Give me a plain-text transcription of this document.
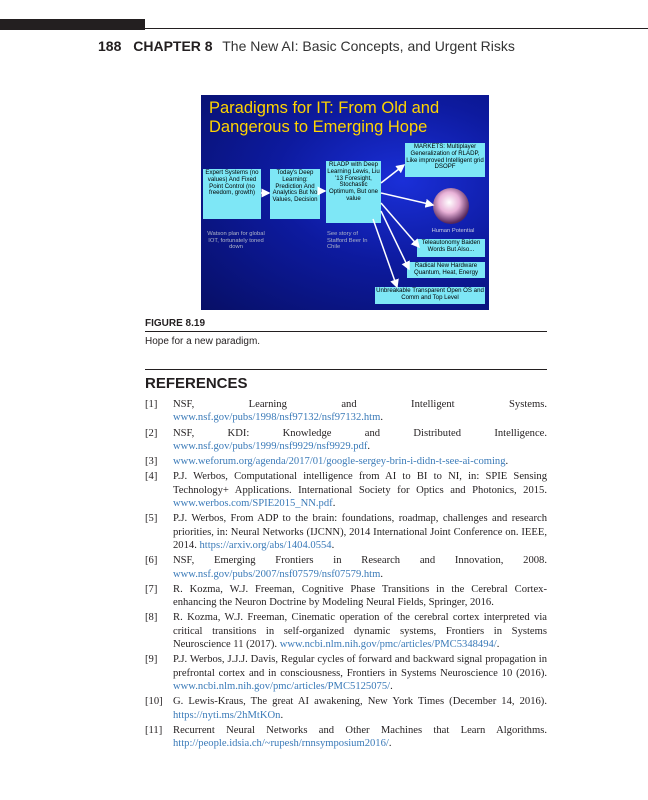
188 CHAPTER 8 The New AI: Basic Concepts, and Urgent Risks
Paradigms for IT: From Old and Dangerous to Emerging Hope
Expert Systems (no values) And Fixed Point Control (no freedom, growth)
Today's Deep Learning: Prediction And Analytics But No Values, Decision
RLADP with Deep Learning Lewis, Liu '13 Foresight, Stochastic Optimum, But one value
MARKETS: Multiplayer Generalization of RLADP, Like improved Intelligent grid DSOPF
Watson plan for global IOT, fortunately toned down
See story of Stafford Beer In Chile
Human Potential
Teleautonomy Baiden Words But Also...
Radical New Hardware Quantum, Heat, Energy
Unbreakable Transparent Open OS and Comm and Top Level
FIGURE 8.19
Hope for a new paradigm.
REFERENCES
[1] NSF, Learning and Intelligent Systems. www.nsf.gov/pubs/1998/nsf97132/nsf97132.htm.
[2] NSF, KDI: Knowledge and Distributed Intelligence. www.nsf.gov/pubs/1999/nsf9929/nsf9929.pdf.
[3] www.weforum.org/agenda/2017/01/google-sergey-brin-i-didn-t-see-ai-coming.
[4] P.J. Werbos, Computational intelligence from AI to BI to NI, in: SPIE Sensing Technology+ Applications. International Society for Optics and Photonics, 2015. www.werbos.com/SPIE2015_NN.pdf.
[5] P.J. Werbos, From ADP to the brain: foundations, roadmap, challenges and research priorities, in: Neural Networks (IJCNN), 2014 International Joint Conference on. IEEE, 2014. https://arxiv.org/abs/1404.0554.
[6] NSF, Emerging Frontiers in Research and Innovation, 2008. www.nsf.gov/pubs/2007/nsf07579/nsf07579.htm.
[7] R. Kozma, W.J. Freeman, Cognitive Phase Transitions in the Cerebral Cortex-enhancing the Neuron Doctrine by Modeling Neural Fields, Springer, 2016.
[8] R. Kozma, W.J. Freeman, Cinematic operation of the cerebral cortex interpreted via critical transitions in self-organized dynamic systems, Frontiers in Systems Neuroscience 11 (2017). www.ncbi.nlm.nih.gov/pmc/articles/PMC5348494/.
[9] P.J. Werbos, J.J.J. Davis, Regular cycles of forward and backward signal propagation in prefrontal cortex and in consciousness, Frontiers in Systems Neuroscience 10 (2016). www.ncbi.nlm.nih.gov/pmc/articles/PMC5125075/.
[10] G. Lewis-Kraus, The great AI awakening, New York Times (December 14, 2016). https://nyti.ms/2hMtKOn.
[11] Recurrent Neural Networks and Other Machines that Learn Algorithms. http://people.idsia.ch/~rupesh/rnnsymposium2016/.
